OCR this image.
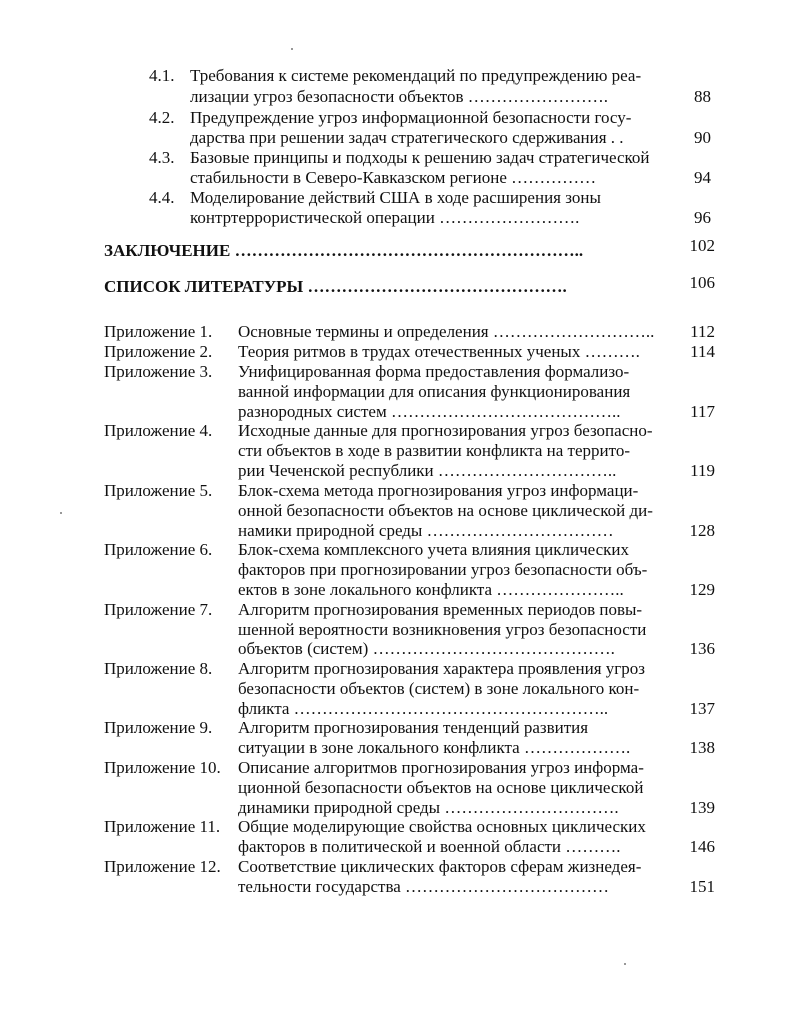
4.1. Требования к системе рекомендаций по предупреждению реа-
лизации угроз безопасности объектов …………………….	88
4.2. Предупреждение угроз информационной безопасности госу-
дарства при решении задач стратегического сдерживания . .	90
4.3. Базовые принципы и подходы к решению задач стратегической
стабильности в Северо-Кавказском регионе ……………	94
4.4. Моделирование действий США в ходе расширения зоны
контртеррористической операции …………………….	96
ЗАКЛЮЧЕНИЕ ……………………………………………………..	102
СПИСОК ЛИТЕРАТУРЫ ……………………………………….	106
Приложение 1. Основные термины и определения ……………………….. 112
Приложение 2. Теория ритмов в трудах отечественных ученых ……….	114
Приложение 3. Унифицированная форма предоставления формализо-
ванной информации для описания функционирования
разнородных систем …………………………………..	117
Приложение 4. Исходные данные для прогнозирования угроз безопасно-
сти объектов в ходе в развитии конфликта на террито-
рии Чеченской республики …………………………..	119
Приложение 5. Блок-схема метода прогнозирования угроз информаци-
онной безопасности объектов на основе циклической ди-
намики природной среды ……………………………	128
Приложение 6. Блок-схема комплексного учета влияния циклических
факторов при прогнозировании угроз безопасности объ-
ектов в зоне локального конфликта …………………..	129
Приложение 7. Алгоритм прогнозирования временных периодов повы-
шенной вероятности возникновения угроз безопасности
объектов (систем) …………………………………….	136
Приложение 8. Алгоритм прогнозирования характера проявления угроз
безопасности объектов (систем) в зоне локального кон-
фликта ………………………………………………..	137
Приложение 9. Алгоритм прогнозирования тенденций развития
ситуации в зоне локального конфликта ……………….	138
Приложение 10. Описание алгоритмов прогнозирования угроз информа-
ционной безопасности объектов на основе циклической
динамики природной среды ………………………….	139
Приложение 11. Общие моделирующие свойства основных циклических
факторов в политической и военной области ……….	146
Приложение 12. Соответствие циклических факторов сферам жизнедея-
тельности государства ………………………………	151
